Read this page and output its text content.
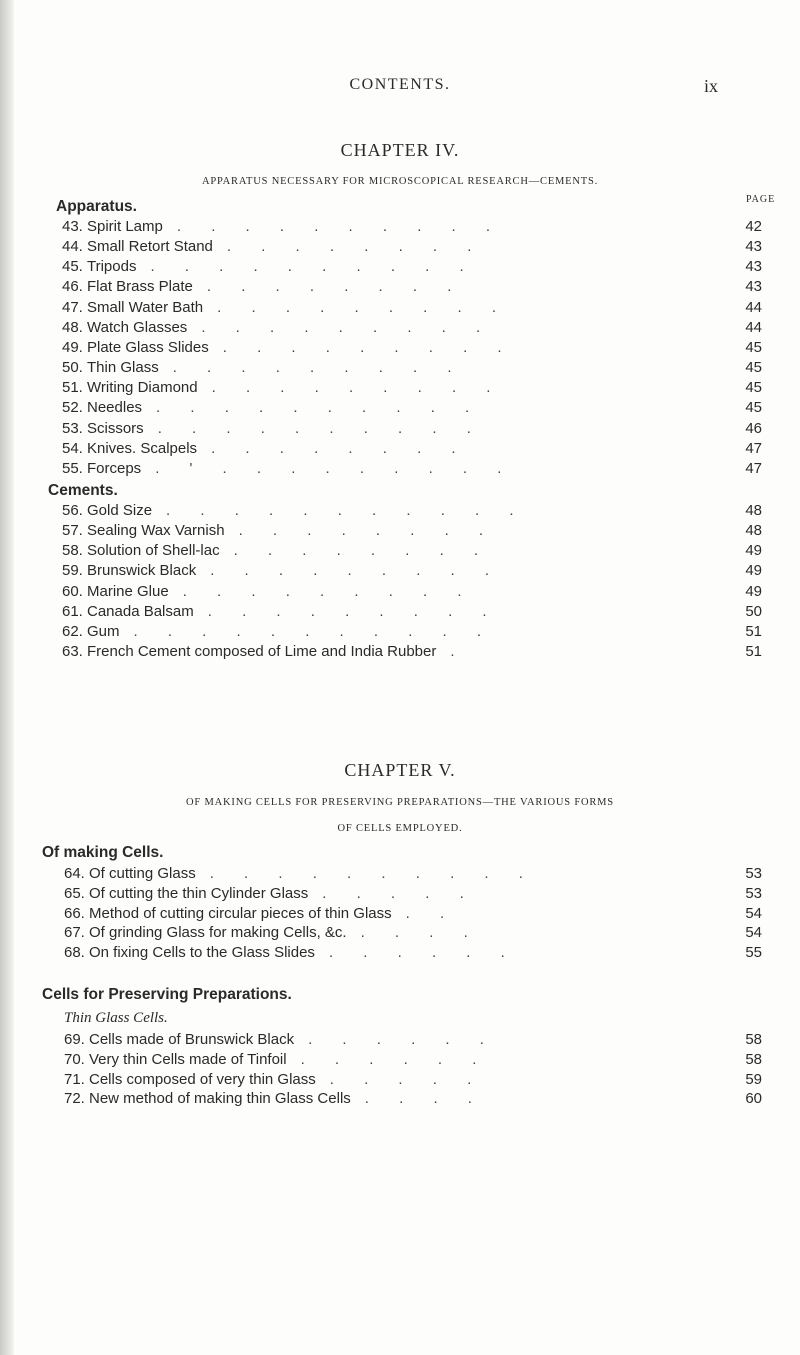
CONTENTS.	ix
CHAPTER IV.
APPARATUS NECESSARY FOR MICROSCOPICAL RESEARCH—CEMENTS.
Apparatus.	PAGE
43. Spirit Lamp	42
. . . . . . . . . .
44. Small Retort Stand	43
. . . . . . . .
45. Tripods	43
. . . . . . . . . .
46. Flat Brass Plate	43
. . . . . . . .
47. Small Water Bath	44
. . . . . . . . .
48. Watch Glasses	44
. . . . . . . . .
49. Plate Glass Slides	45
. . . . . . . . .
50. Thin Glass	45
. . . . . . . . .
51. Writing Diamond	45
. . . . . . . . .
52. Needles	45
. . . . . . . . . .
53. Scissors	46
. . . . . . . . . .
54. Knives. Scalpels	47
. . . . . . . .
55. Forceps	47
. ' . . . . . . . . .
Cements.
56. Gold Size	48
. . . . . . . . . . .
57. Sealing Wax Varnish	48
. . . . . . . .
58. Solution of Shell-lac	49
. . . . . . . .
59. Brunswick Black	49
. . . . . . . . .
60. Marine Glue	49
. . . . . . . . .
61. Canada Balsam	50
. . . . . . . . .
62. Gum	51
. . . . . . . . . . .
63. French Cement composed of Lime and India Rubber	51
.
CHAPTER V.
OF MAKING CELLS FOR PRESERVING PREPARATIONS—THE VARIOUS FORMS
OF CELLS EMPLOYED.
Of making Cells.
64. Of cutting Glass	53
. . . . . . . . . .
65. Of cutting the thin Cylinder Glass	53
. . . . .
66. Method of cutting circular pieces of thin Glass	54
. .
67. Of grinding Glass for making Cells, &c.	54
. . . .
68. On fixing Cells to the Glass Slides	55
. . . . . .
Cells for Preserving Preparations.
Thin Glass Cells.
69. Cells made of Brunswick Black	58
. . . . . .
70. Very thin Cells made of Tinfoil	58
. . . . . .
71. Cells composed of very thin Glass	59
. . . . .
72. New method of making thin Glass Cells	60
. . . .
